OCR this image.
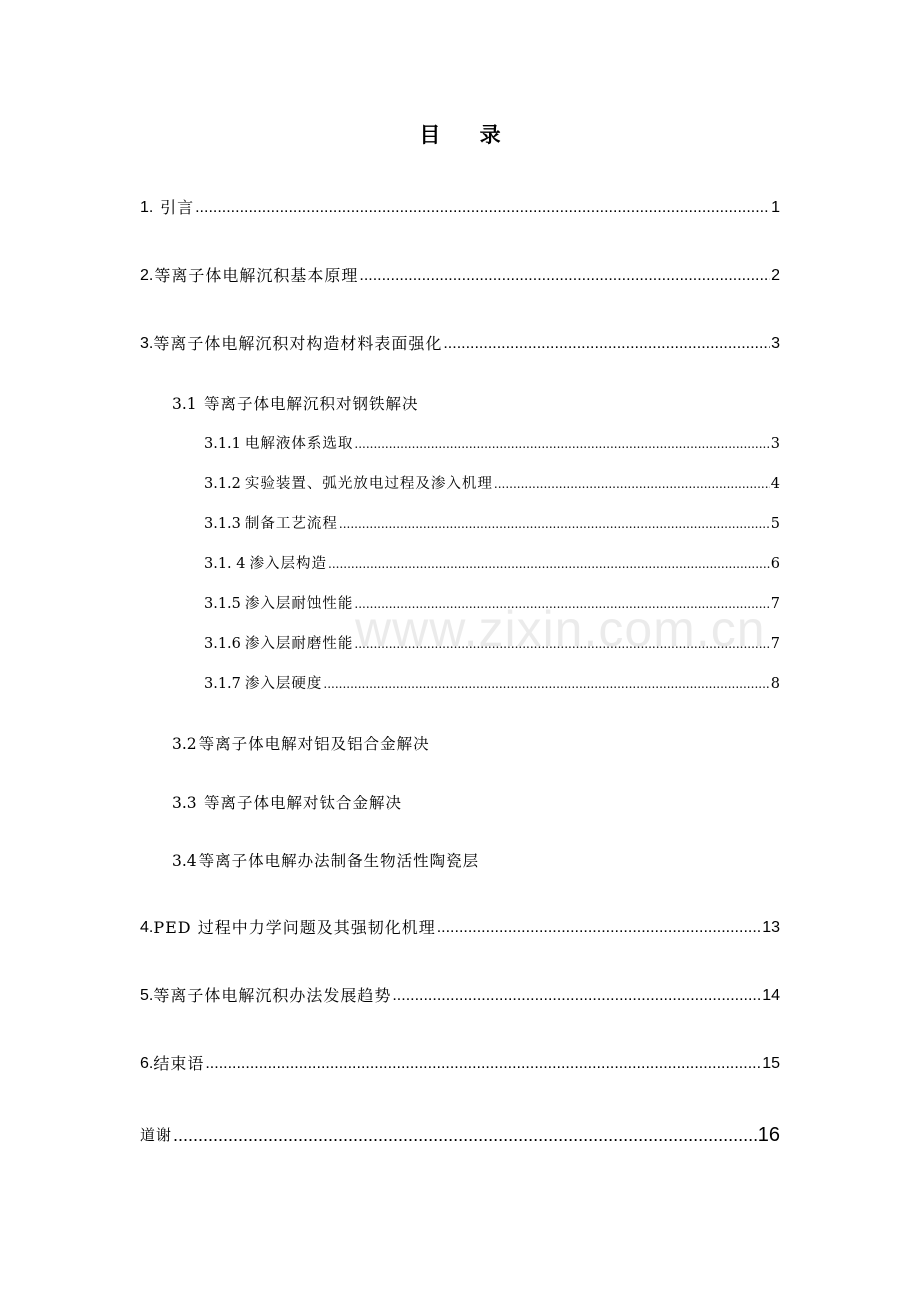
目 录
1. 引言 .....	1
2. 等离子体电解沉积基本原理 .....	2
3. 等离子体电解沉积对构造材料表面强化 .....	3
3.1 等离子体电解沉积对钢铁解决
3.1.1 电解液体系选取 .....	3
3.1.2 实验装置、弧光放电过程及渗入机理 .....	4
3.1.3 制备工艺流程 .....	5
3.1. 4 渗入层构造 .....	6
3.1.5 渗入层耐蚀性能 .....	7
3.1.6 渗入层耐磨性能 .....	7
3.1.7 渗入层硬度 .....	8
3.2 等离子体电解对铝及铝合金解决
3.3 等离子体电解对钛合金解决
3.4 等离子体电解办法制备生物活性陶瓷层
4. PED 过程中力学问题及其强韧化机理 .....	13
5. 等离子体电解沉积办法发展趋势 .....	14
6. 结束语 .....	15
道谢 .....	16
www.zixin.com.cn
